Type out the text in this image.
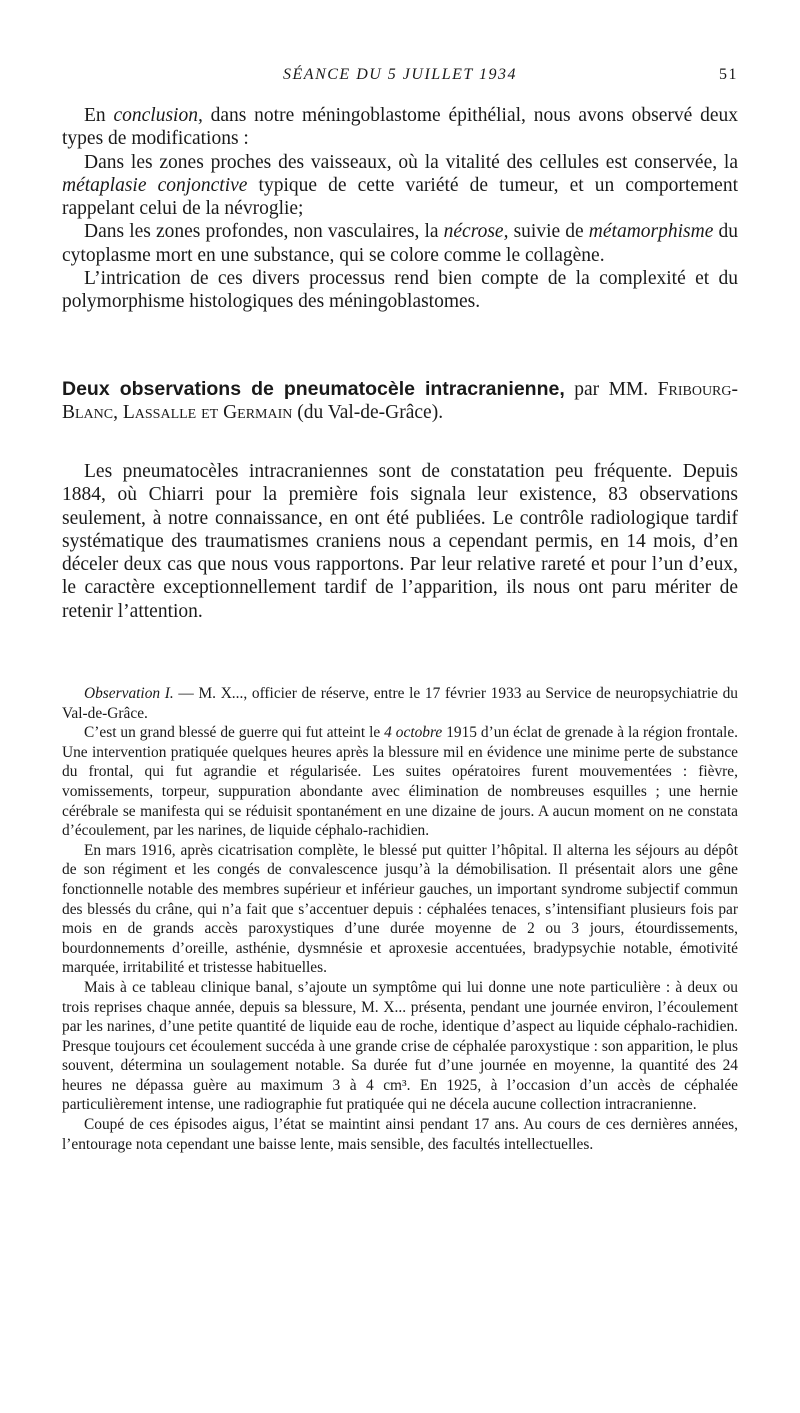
SÉANCE DU 5 JUILLET 1934	51

En conclusion, dans notre méningoblastome épithélial, nous avons observé deux types de modifications :

Dans les zones proches des vaisseaux, où la vitalité des cellules est conservée, la métaplasie conjonctive typique de cette variété de tumeur, et un comportement rappelant celui de la névroglie;

Dans les zones profondes, non vasculaires, la nécrose, suivie de métamorphisme du cytoplasme mort en une substance, qui se colore comme le collagène.

L’intrication de ces divers processus rend bien compte de la complexité et du polymorphisme histologiques des méningoblastomes.

Deux observations de pneumatocèle intracranienne, par MM. Fribourg-Blanc, Lassalle et Germain (du Val-de-Grâce).

Les pneumatocèles intracraniennes sont de constatation peu fréquente. Depuis 1884, où Chiarri pour la première fois signala leur existence, 83 observations seulement, à notre connaissance, en ont été publiées. Le contrôle radiologique tardif systématique des traumatismes craniens nous a cependant permis, en 14 mois, d’en déceler deux cas que nous vous rapportons. Par leur relative rareté et pour l’un d’eux, le caractère exceptionnellement tardif de l’apparition, ils nous ont paru mériter de retenir l’attention.

Observation I. — M. X..., officier de réserve, entre le 17 février 1933 au Service de neuropsychiatrie du Val-de-Grâce.

C’est un grand blessé de guerre qui fut atteint le 4 octobre 1915 d’un éclat de grenade à la région frontale. Une intervention pratiquée quelques heures après la blessure mil en évidence une minime perte de substance du frontal, qui fut agrandie et régularisée. Les suites opératoires furent mouvementées : fièvre, vomissements, torpeur, suppuration abondante avec élimination de nombreuses esquilles ; une hernie cérébrale se manifesta qui se réduisit spontanément en une dizaine de jours. A aucun moment on ne constata d’écoulement, par les narines, de liquide céphalo-rachidien.

En mars 1916, après cicatrisation complète, le blessé put quitter l’hôpital. Il alterna les séjours au dépôt de son régiment et les congés de convalescence jusqu’à la démobilisation. Il présentait alors une gêne fonctionnelle notable des membres supérieur et inférieur gauches, un important syndrome subjectif commun des blessés du crâne, qui n’a fait que s’accentuer depuis : céphalées tenaces, s’intensifiant plusieurs fois par mois en de grands accès paroxystiques d’une durée moyenne de 2 ou 3 jours, étourdissements, bourdonnements d’oreille, asthénie, dysmnésie et aproxesie accentuées, bradypsychie notable, émotivité marquée, irritabilité et tristesse habituelles.

Mais à ce tableau clinique banal, s’ajoute un symptôme qui lui donne une note particulière : à deux ou trois reprises chaque année, depuis sa blessure, M. X... présenta, pendant une journée environ, l’écoulement par les narines, d’une petite quantité de liquide eau de roche, identique d’aspect au liquide céphalo-rachidien. Presque toujours cet écoulement succéda à une grande crise de céphalée paroxystique : son apparition, le plus souvent, détermina un soulagement notable. Sa durée fut d’une journée en moyenne, la quantité des 24 heures ne dépassa guère au maximum 3 à 4 cm³. En 1925, à l’occasion d’un accès de céphalée particulièrement intense, une radiographie fut pratiquée qui ne décela aucune collection intracranienne.

Coupé de ces épisodes aigus, l’état se maintint ainsi pendant 17 ans. Au cours de ces dernières années, l’entourage nota cependant une baisse lente, mais sensible, des facultés intellectuelles.
